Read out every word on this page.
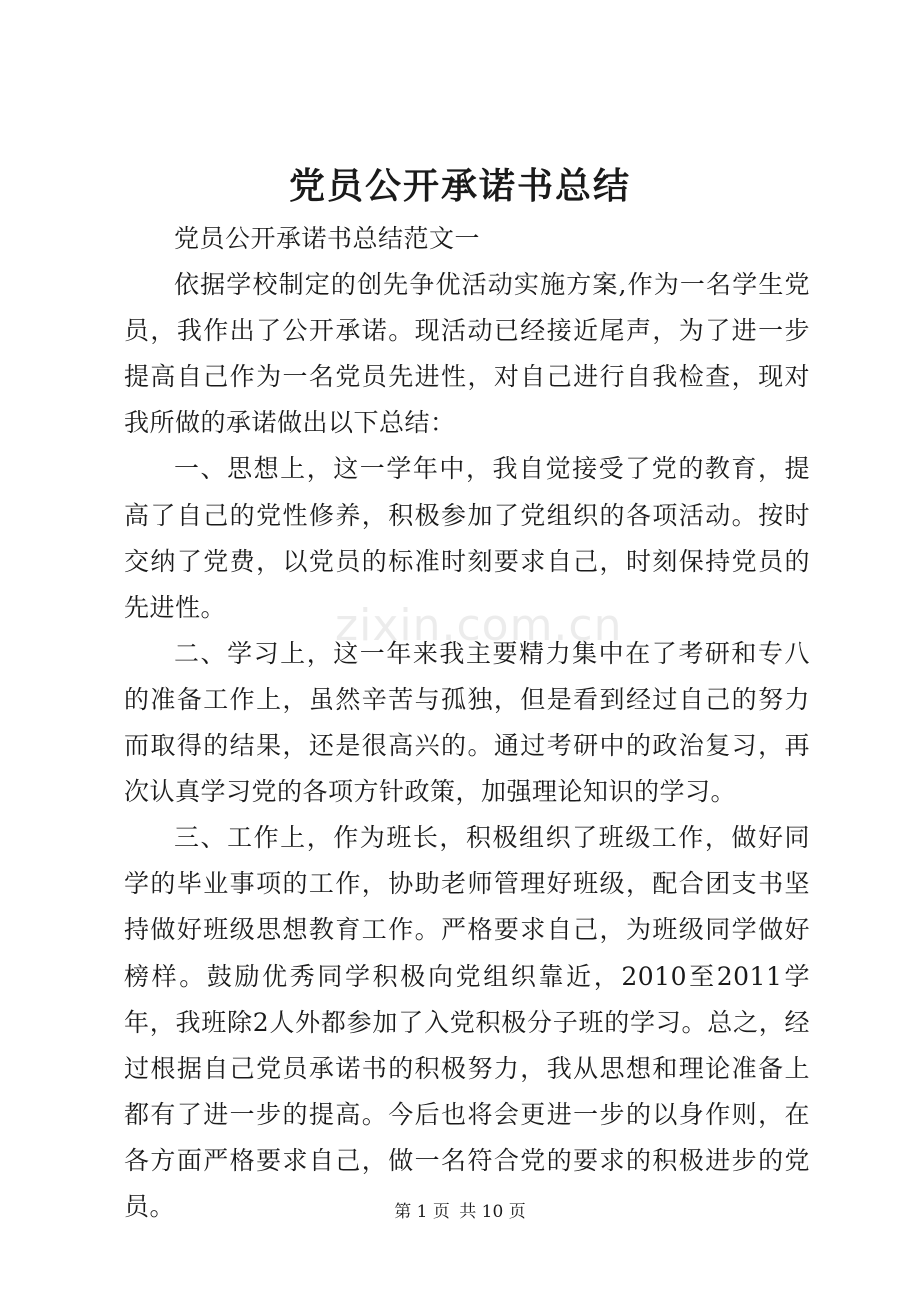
党员公开承诺书总结

党员公开承诺书总结范文一

依据学校制定的创先争优活动实施方案,作为一名学生党员，我作出了公开承诺。现活动已经接近尾声，为了进一步提高自己作为一名党员先进性，对自己进行自我检查，现对我所做的承诺做出以下总结：

一、思想上，这一学年中，我自觉接受了党的教育，提高了自己的党性修养，积极参加了党组织的各项活动。按时交纳了党费，以党员的标准时刻要求自己，时刻保持党员的先进性。

二、学习上，这一年来我主要精力集中在了考研和专八的准备工作上，虽然辛苦与孤独，但是看到经过自己的努力而取得的结果，还是很高兴的。通过考研中的政治复习，再次认真学习党的各项方针政策，加强理论知识的学习。

三、工作上，作为班长，积极组织了班级工作，做好同学的毕业事项的工作，协助老师管理好班级，配合团支书坚持做好班级思想教育工作。严格要求自己，为班级同学做好榜样。鼓励优秀同学积极向党组织靠近，2010至2011学年，我班除2人外都参加了入党积极分子班的学习。总之，经过根据自己党员承诺书的积极努力，我从思想和理论准备上都有了进一步的提高。今后也将会更进一步的以身作则，在各方面严格要求自己，做一名符合党的要求的积极进步的党员。

zixin.com.cn
第 1 页 共 10 页
